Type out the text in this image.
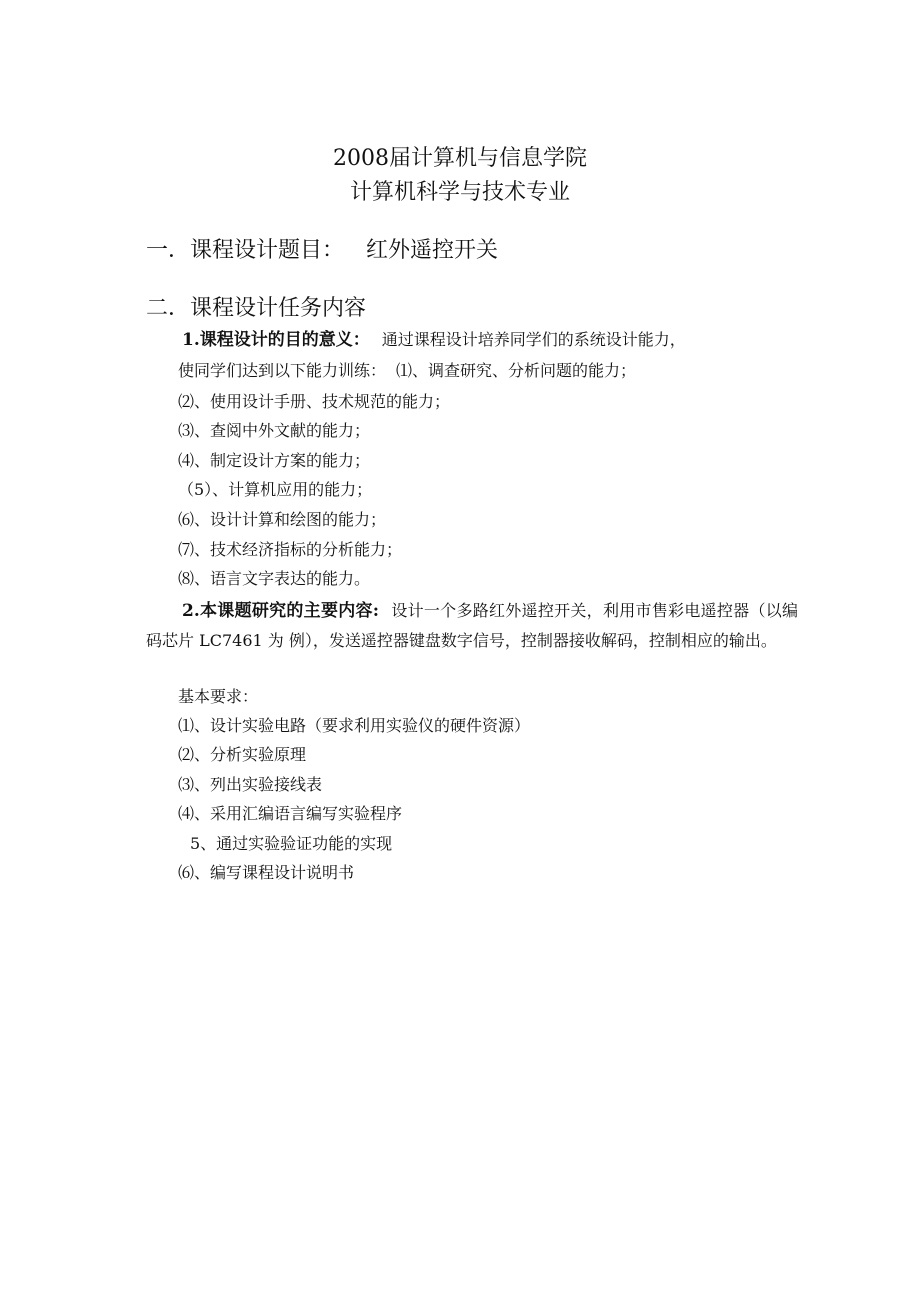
2008届计算机与信息学院
计算机科学与技术专业
一．课程设计题目： 红外遥控开关
二．课程设计任务内容
1.课程设计的目的意义： 通过课程设计培养同学们的系统设计能力，
使同学们达到以下能力训练： ⑴、调查研究、分析问题的能力；
⑵、使用设计手册、技术规范的能力；
⑶、查阅中外文献的能力；
⑷、制定设计方案的能力；
（5）、计算机应用的能力；
⑹、设计计算和绘图的能力；
⑺、技术经济指标的分析能力；
⑻、语言文字表达的能力。
2.本课题研究的主要内容: 设计一个多路红外遥控开关，利用市售彩电遥控器（以编码芯片 LC7461 为 例），发送遥控器键盘数字信号，控制器接收解码，控制相应的输出。
基本要求：
⑴、设计实验电路（要求利用实验仪的硬件资源）
⑵、分析实验原理
⑶、列出实验接线表
⑷、采用汇编语言编写实验程序
5、通过实验验证功能的实现
⑹、编写课程设计说明书
